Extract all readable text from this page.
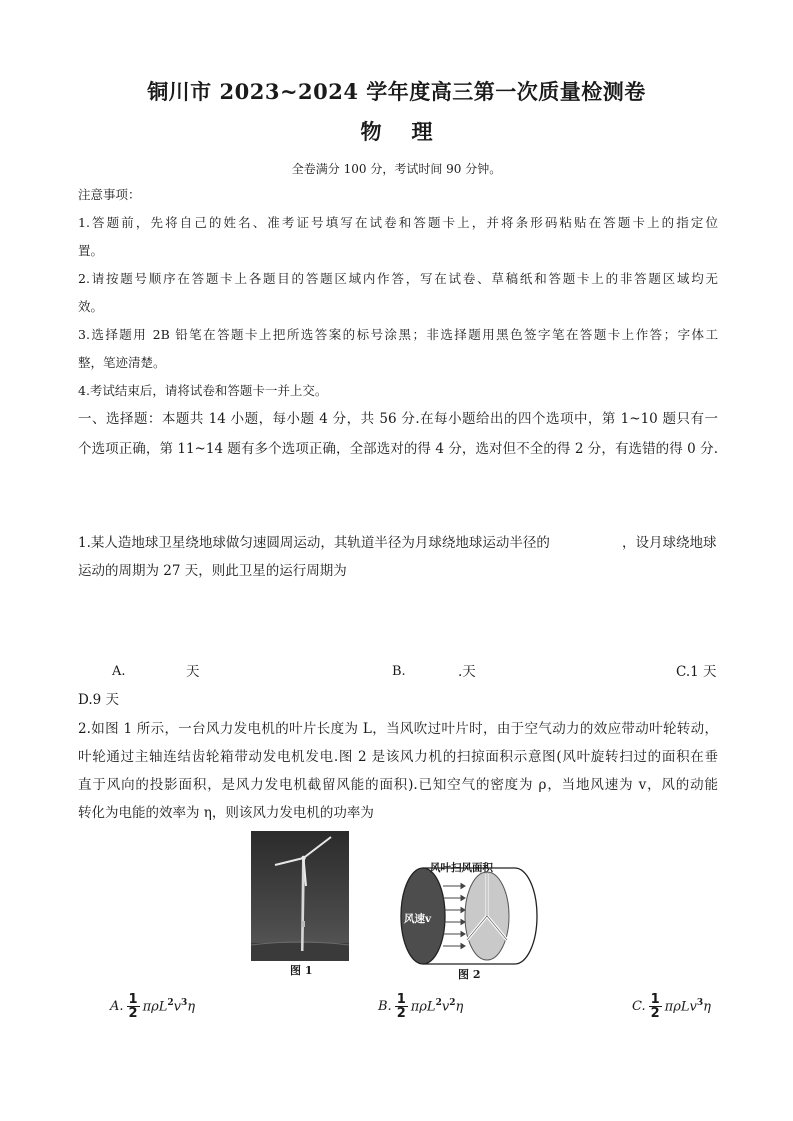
铜川市 2023~2024 学年度高三第一次质量检测卷
物理
全卷满分 100 分，考试时间 90 分钟。
注意事项：
1.答题前，先将自己的姓名、准考证号填写在试卷和答题卡上，并将条形码粘贴在答题卡上的指定位
置。
2.请按题号顺序在答题卡上各题目的答题区域内作答，写在试卷、草稿纸和答题卡上的非答题区域均无
效。
3.选择题用 2B 铅笔在答题卡上把所选答案的标号涂黑；非选择题用黑色签字笔在答题卡上作答；字体工
整，笔迹清楚。
4.考试结束后，请将试卷和答题卡一并上交。
一、选择题：本题共 14 小题，每小题 4 分，共 56 分.在每小题给出的四个选项中，第 1~10 题只有一
个选项正确，第 11~14 题有多个选项正确，全部选对的得 4 分，选对但不全的得 2 分，有选错的得 0 分.
1.某人造地球卫星绕地球做匀速圆周运动，其轨道半径为月球绕地球运动半径的	，设月球绕地球
运动的周期为 27 天，则此卫星的运行周期为
A.	天	B.	.天	C.1 天
D.9 天
2.如图 1 所示，一台风力发电机的叶片长度为 L，当风吹过叶片时，由于空气动力的效应带动叶轮转动，
叶轮通过主轴连结齿轮箱带动发电机发电.图 2 是该风力机的扫掠面积示意图(风叶旋转扫过的面积在垂
直于风向的投影面积，是风力发电机截留风能的面积).已知空气的密度为 ρ，当地风速为 v，风的动能
转化为电能的效率为 η，则该风力发电机的功率为
图 1
风叶扫风面积
风速v
图 2
A. $\frac{1}{2} \pi\rho L^2v^3\eta$	B. $\frac{1}{2} \pi\rho L^2v^2\eta$	C. $\frac{1}{2} \pi\rho Lv^3\eta$
